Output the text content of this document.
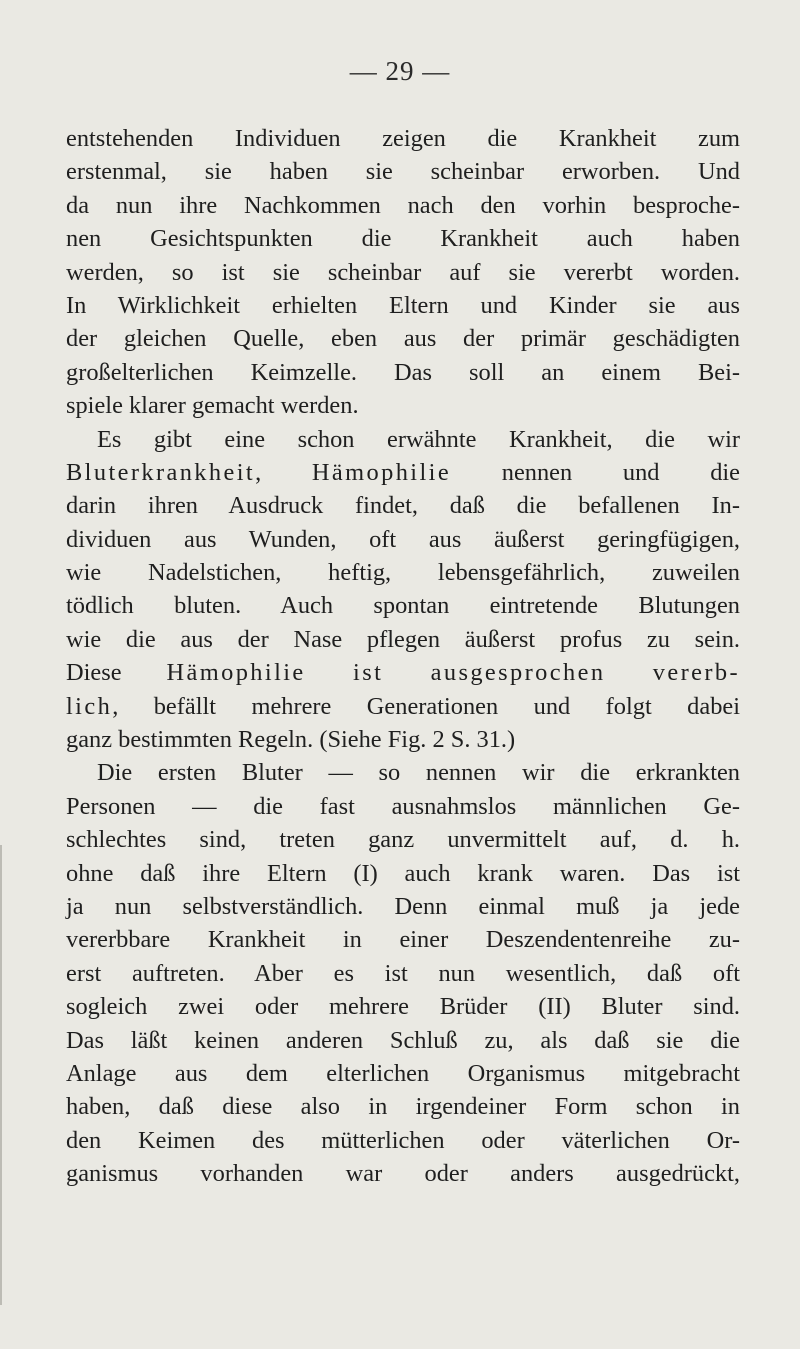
— 29 —
entstehenden Individuen zeigen die Krankheit zum
erstenmal, sie haben sie scheinbar erworben. Und
da nun ihre Nachkommen nach den vorhin besproche-
nen Gesichtspunkten die Krankheit auch haben
werden, so ist sie scheinbar auf sie vererbt worden.
In Wirklichkeit erhielten Eltern und Kinder sie aus
der gleichen Quelle, eben aus der primär geschädigten
großelterlichen Keimzelle. Das soll an einem Bei-
spiele klarer gemacht werden.
Es gibt eine schon erwähnte Krankheit, die wir
Bluterkrankheit, Hämophilie nennen und die
darin ihren Ausdruck findet, daß die befallenen In-
dividuen aus Wunden, oft aus äußerst geringfügigen,
wie Nadelstichen, heftig, lebensgefährlich, zuweilen
tödlich bluten. Auch spontan eintretende Blutungen
wie die aus der Nase pflegen äußerst profus zu sein.
Diese Hämophilie ist ausgesprochen vererb-
lich, befällt mehrere Generationen und folgt dabei
ganz bestimmten Regeln. (Siehe Fig. 2 S. 31.)
Die ersten Bluter — so nennen wir die erkrankten
Personen — die fast ausnahmslos männlichen Ge-
schlechtes sind, treten ganz unvermittelt auf, d. h.
ohne daß ihre Eltern (I) auch krank waren. Das ist
ja nun selbstverständlich. Denn einmal muß ja jede
vererbbare Krankheit in einer Deszendentenreihe zu-
erst auftreten. Aber es ist nun wesentlich, daß oft
sogleich zwei oder mehrere Brüder (II) Bluter sind.
Das läßt keinen anderen Schluß zu, als daß sie die
Anlage aus dem elterlichen Organismus mitgebracht
haben, daß diese also in irgendeiner Form schon in
den Keimen des mütterlichen oder väterlichen Or-
ganismus vorhanden war oder anders ausgedrückt,
